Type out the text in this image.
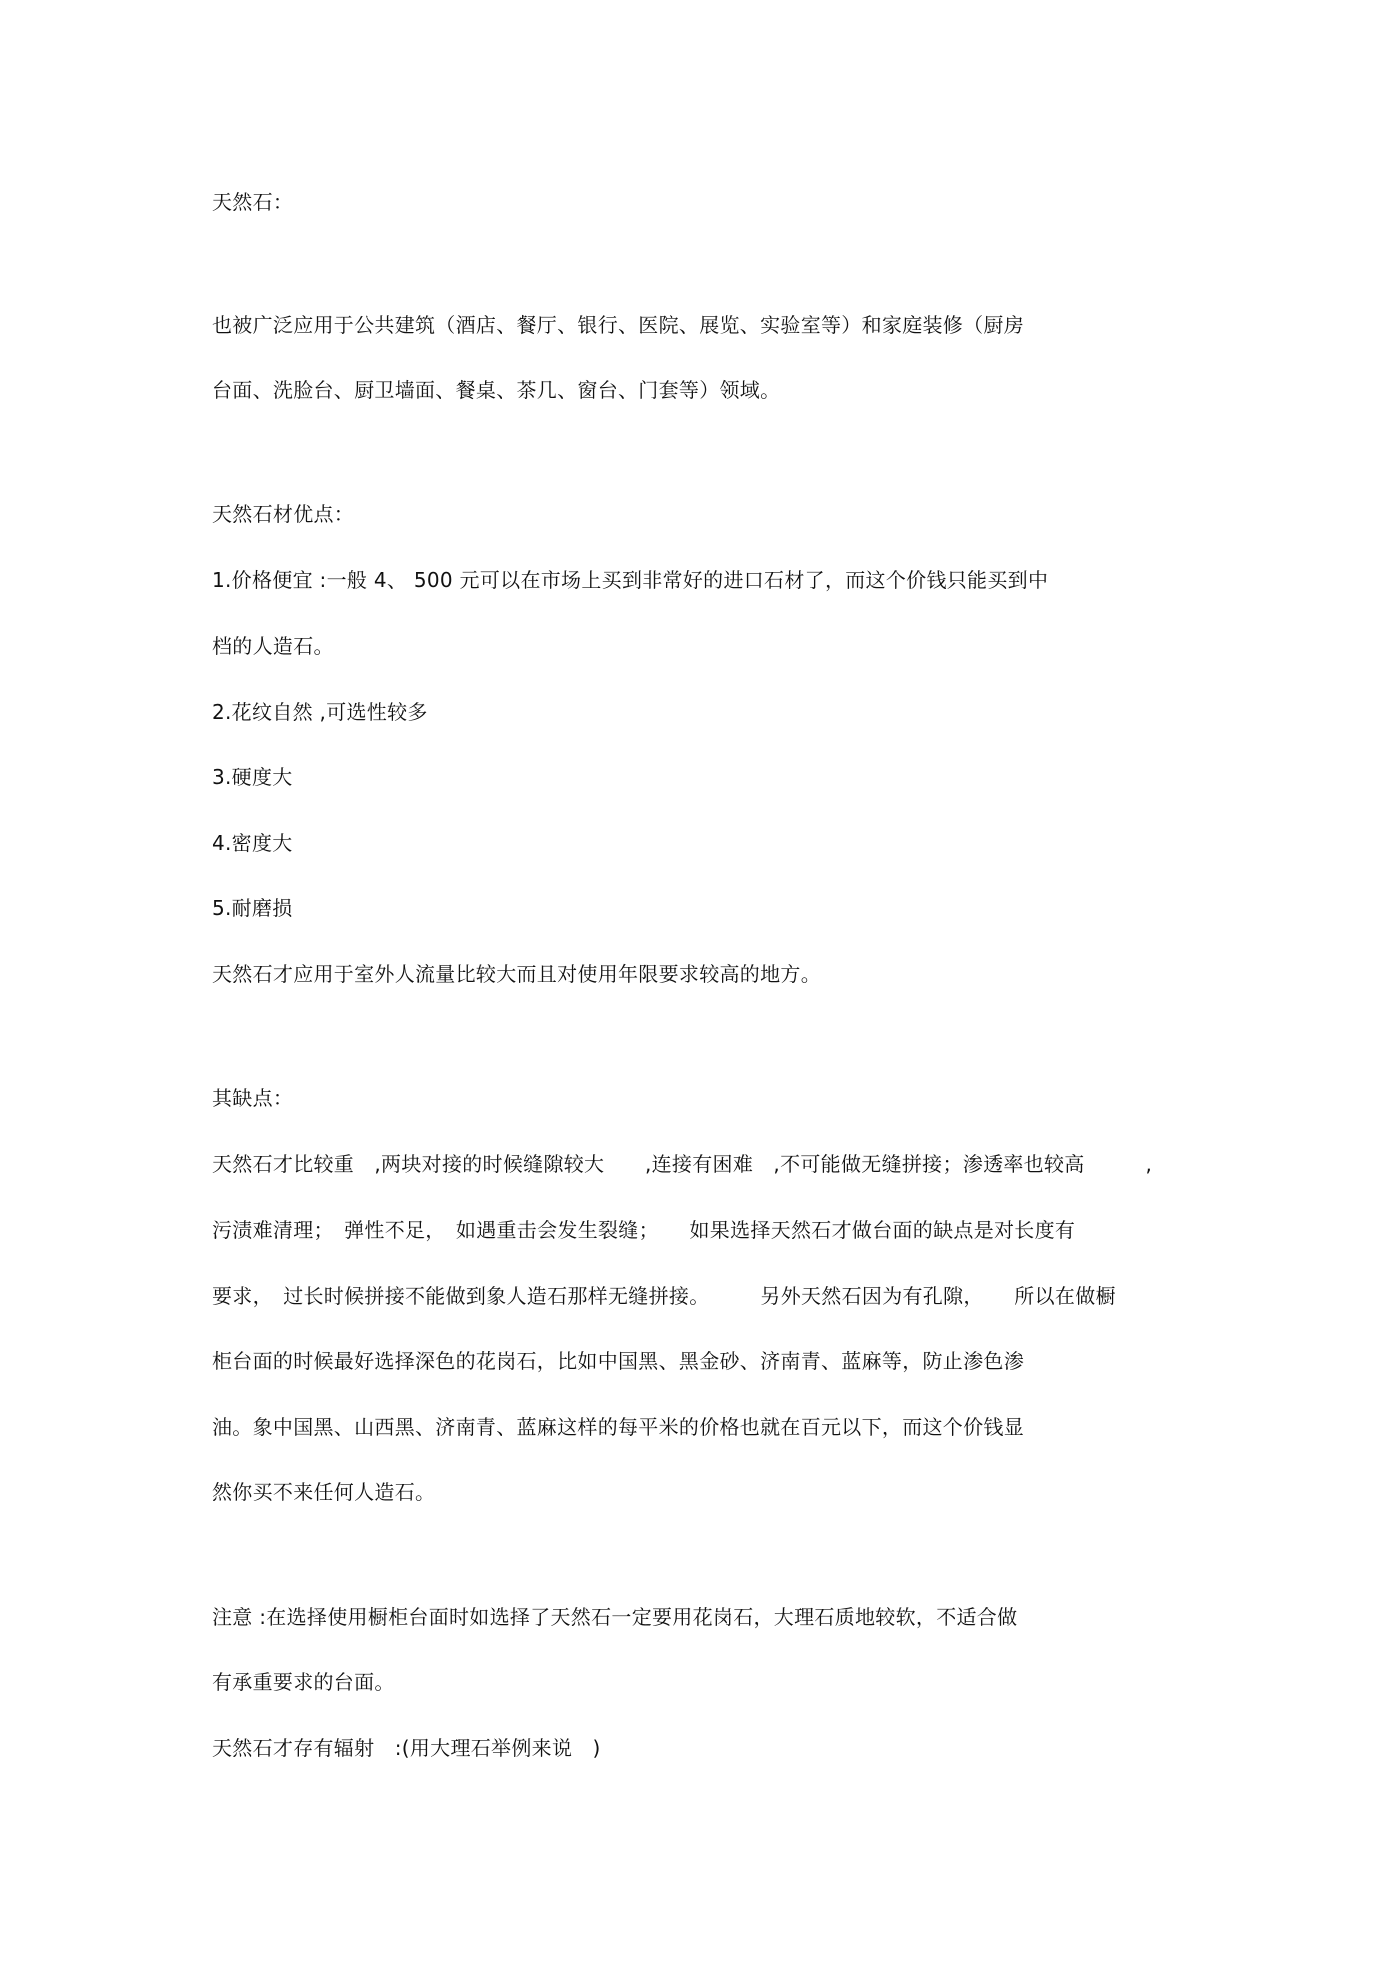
天然石：
也被广泛应用于公共建筑（酒店、餐厅、银行、医院、展览、实验室等）和家庭装修（厨房
台面、洗脸台、厨卫墙面、餐桌、茶几、窗台、门套等）领域。
天然石材优点：
1.价格便宜 :一般 4、 500 元可以在市场上买到非常好的进口石材了，而这个价钱只能买到中
档的人造石。
2.花纹自然 ,可选性较多
3.硬度大
4.密度大
5.耐磨损
天然石才应用于室外人流量比较大而且对使用年限要求较高的地方。
其缺点：
天然石才比较重　,两块对接的时候缝隙较大　　,连接有困难　,不可能做无缝拼接；渗透率也较高　　　,
污渍难清理；　弹性不足，　如遇重击会发生裂缝；　　如果选择天然石才做台面的缺点是对长度有
要求，　过长时候拼接不能做到象人造石那样无缝拼接。　　　另外天然石因为有孔隙，　　所以在做橱
柜台面的时候最好选择深色的花岗石，比如中国黑、黑金砂、济南青、蓝麻等，防止渗色渗
油。象中国黑、山西黑、济南青、蓝麻这样的每平米的价格也就在百元以下，而这个价钱显
然你买不来任何人造石。
注意 :在选择使用橱柜台面时如选择了天然石一定要用花岗石，大理石质地较软，不适合做
有承重要求的台面。
天然石才存有辐射　:(用大理石举例来说　)
